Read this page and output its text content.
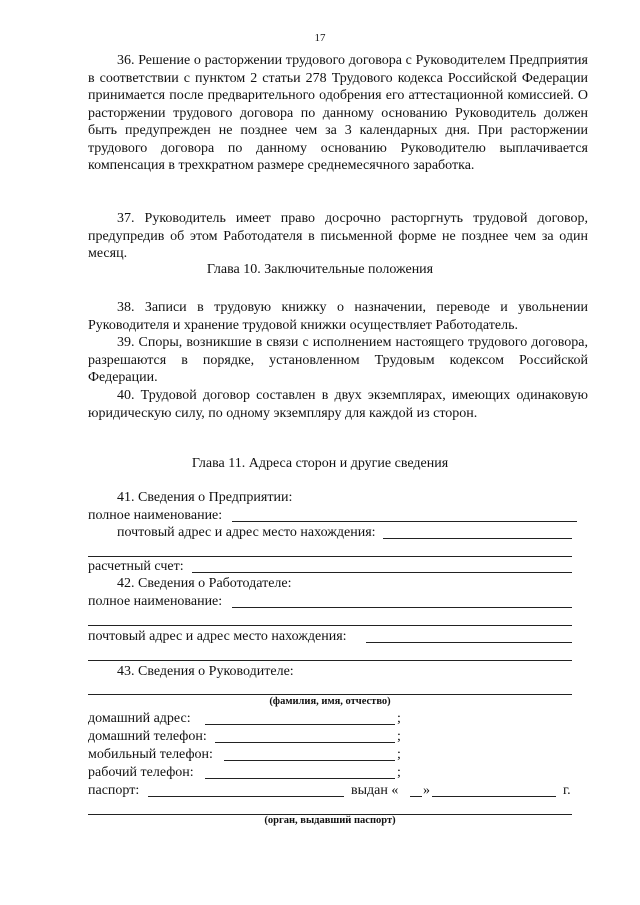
17

36. Решение о расторжении трудового договора с Руководителем Предприятия в соответствии с пунктом 2 статьи 278 Трудового кодекса Российской Федерации принимается после предварительного одобрения его аттестационной комиссией. О расторжении трудового договора по данному основанию Руководитель должен быть предупрежден не позднее чем за 3 календарных дня. При расторжении трудового договора по данному основанию Руководителю выплачивается компенсация в трехкратном размере среднемесячного заработка.

37. Руководитель имеет право досрочно расторгнуть трудовой договор, предупредив об этом Работодателя в письменной форме не позднее чем за один месяц.

Глава 10. Заключительные положения

38. Записи в трудовую книжку о назначении, переводе и увольнении Руководителя и хранение трудовой книжки осуществляет Работодатель.

39. Споры, возникшие в связи с исполнением настоящего трудового договора, разрешаются в порядке, установленном Трудовым кодексом Российской Федерации.

40. Трудовой договор составлен в двух экземплярах, имеющих одинаковую юридическую силу, по одному экземпляру для каждой из сторон.

Глава 11. Адреса сторон и другие сведения
41. Сведения о Предприятии:
полное наименование:
почтовый адрес и адрес место нахождения:
расчетный счет:
42. Сведения о Работодателе:
полное наименование:
почтовый адрес и адрес место нахождения:
43. Сведения о Руководителе:
(фамилия, имя, отчество)
домашний адрес:	;
домашний телефон:	;
мобильный телефон:	;
рабочий телефон:	;
паспорт:	выдан « »	г.
(орган, выдавший паспорт)
